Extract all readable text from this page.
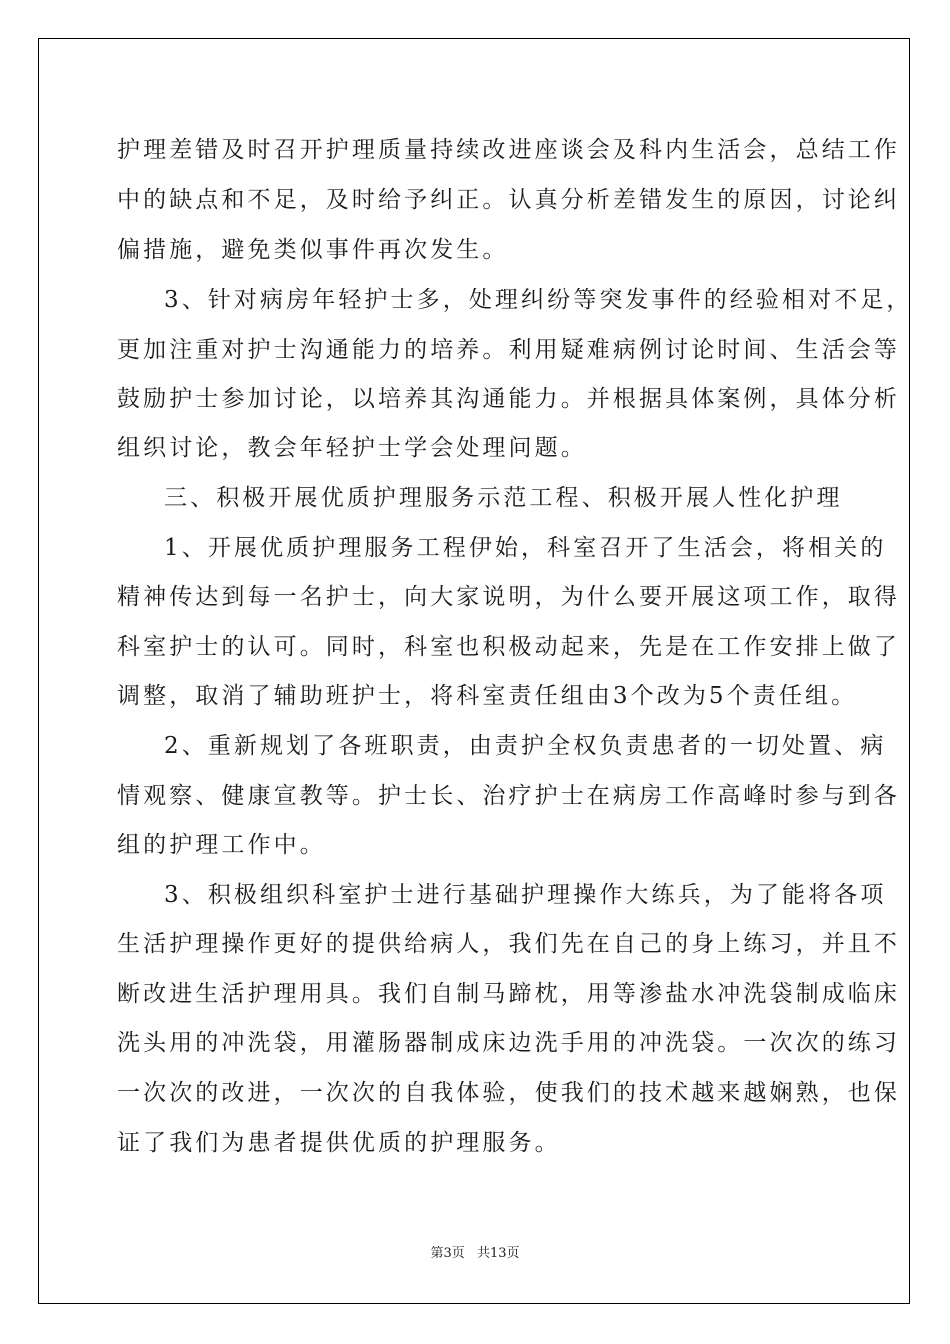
护理差错及时召开护理质量持续改进座谈会及科内生活会，总结工作
中的缺点和不足，及时给予纠正。认真分析差错发生的原因，讨论纠
偏措施，避免类似事件再次发生。
3、针对病房年轻护士多，处理纠纷等突发事件的经验相对不足，
更加注重对护士沟通能力的培养。利用疑难病例讨论时间、生活会等
鼓励护士参加讨论，以培养其沟通能力。并根据具体案例，具体分析
组织讨论，教会年轻护士学会处理问题。
三、积极开展优质护理服务示范工程、积极开展人性化护理
1、开展优质护理服务工程伊始，科室召开了生活会，将相关的
精神传达到每一名护士，向大家说明，为什么要开展这项工作，取得
科室护士的认可。同时，科室也积极动起来，先是在工作安排上做了
调整，取消了辅助班护士，将科室责任组由3个改为5个责任组。
2、重新规划了各班职责，由责护全权负责患者的一切处置、病
情观察、健康宣教等。护士长、治疗护士在病房工作高峰时参与到各
组的护理工作中。
3、积极组织科室护士进行基础护理操作大练兵，为了能将各项
生活护理操作更好的提供给病人，我们先在自己的身上练习，并且不
断改进生活护理用具。我们自制马蹄枕，用等渗盐水冲洗袋制成临床
洗头用的冲洗袋，用灌肠器制成床边洗手用的冲洗袋。一次次的练习
一次次的改进，一次次的自我体验，使我们的技术越来越娴熟，也保
证了我们为患者提供优质的护理服务。
第3页 共13页
